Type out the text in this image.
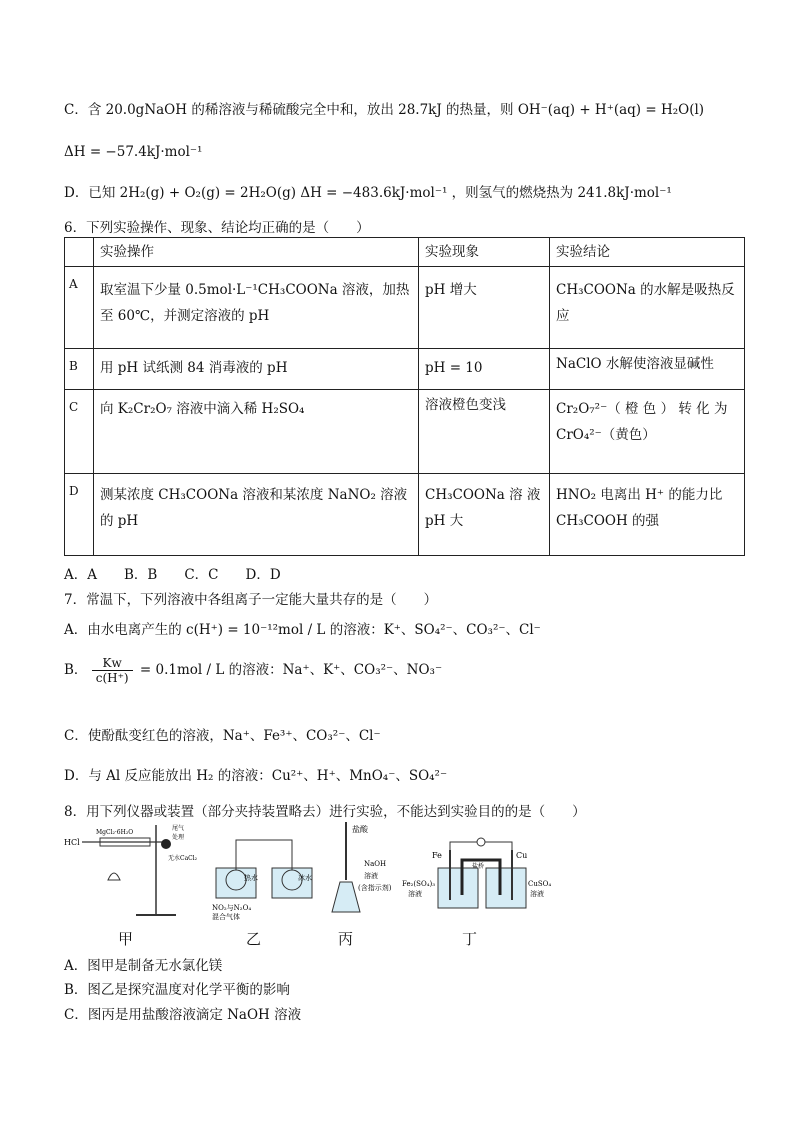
C．含 20.0gNaOH 的稀溶液与稀硫酸完全中和，放出 28.7kJ 的热量，则 OH⁻(aq) + H⁺(aq) = H₂O(l)
ΔH = −57.4kJ·mol⁻¹
D．已知 2H₂(g) + O₂(g) = 2H₂O(g) ΔH = −483.6kJ·mol⁻¹ ，则氢气的燃烧热为 241.8kJ·mol⁻¹
6．下列实验操作、现象、结论均正确的是（　　）
	实验操作	实验现象	实验结论
A	取室温下少量 0.5mol·L⁻¹CH₃COONa 溶液，加热至 60℃，并测定溶液的 pH	pH 增大	CH₃COONa 的水解是吸热反应
B	用 pH 试纸测 84 消毒液的 pH	pH = 10	NaClO 水解使溶液显碱性
C	向 K₂Cr₂O₇ 溶液中滴入稀 H₂SO₄	溶液橙色变浅	Cr₂O₇²⁻（ 橙 色 ） 转 化 为 CrO₄²⁻（黄色）
D	测某浓度 CH₃COONa 溶液和某浓度 NaNO₂ 溶液的 pH	CH₃COONa 溶 液 pH 大	HNO₂ 电离出 H⁺ 的能力比 CH₃COOH 的强
A．A　　B．B　　C．C　　D．D
7．常温下，下列溶液中各组离子一定能大量共存的是（　　）
A．由水电离产生的 c(H⁺) = 10⁻¹²mol / L 的溶液：K⁺、SO₄²⁻、CO₃²⁻、Cl⁻
B． $\frac{Kw}{c(H^+)} = 0.1mol / L$ 的溶液：Na⁺、K⁺、CO₃²⁻、NO₃⁻
C．使酚酞变红色的溶液，Na⁺、Fe³⁺、CO₃²⁻、Cl⁻
D．与 Al 反应能放出 H₂ 的溶液：Cu²⁺、H⁺、MnO₄⁻、SO₄²⁻
8．用下列仪器或装置（部分夹持装置略去）进行实验，不能达到实验目的的是（　　）
HCl
MgCl₂·6H₂O
尾气
处理
无水CaCl₂
热水	冰水
NO₂与N₂O₄
混合气体
盐酸
NaOH
溶液
(含指示剂)
Fe	Cu
盐桥
Fe₂(SO₄)₃
溶液
CuSO₄
溶液
甲	乙	丙	丁
A．图甲是制备无水氯化镁
B．图乙是探究温度对化学平衡的影响
C．图丙是用盐酸溶液滴定 NaOH 溶液
